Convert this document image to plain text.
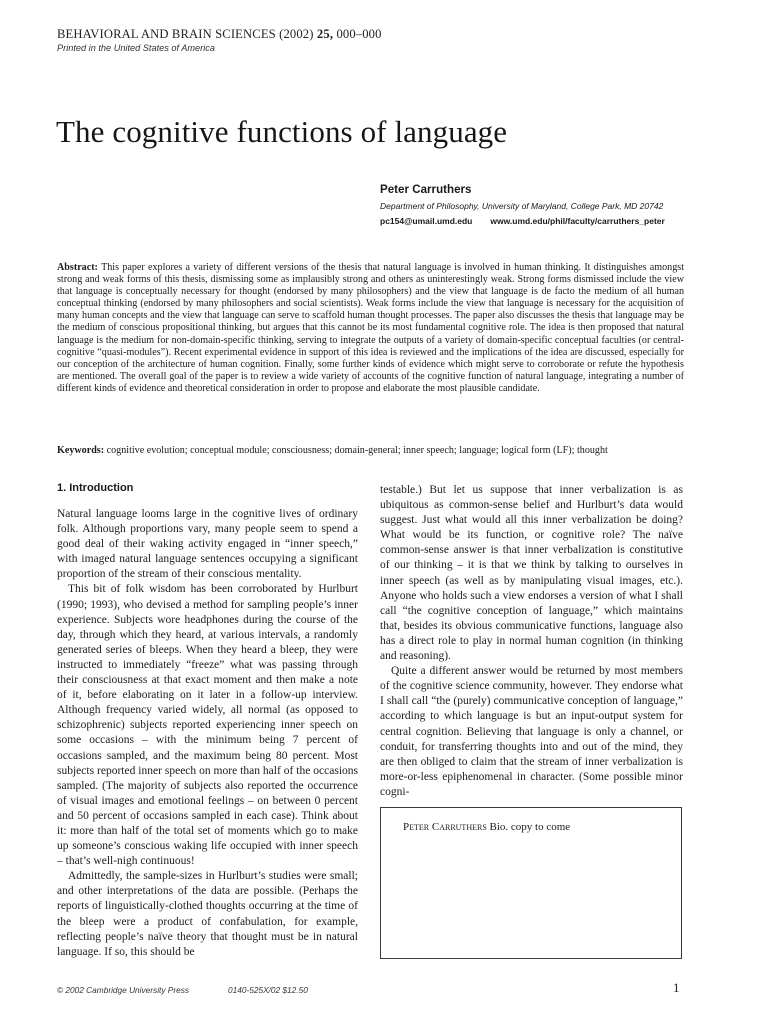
BEHAVIORAL AND BRAIN SCIENCES (2002) 25, 000–000
Printed in the United States of America
The cognitive functions of language

Peter Carruthers

Department of Philosophy, University of Maryland, College Park, MD 20742

pc154@umail.umd.edu www.umd.edu/phil/faculty/carruthers_peter

Abstract: This paper explores a variety of different versions of the thesis that natural language is involved in human thinking. It distinguishes amongst strong and weak forms of this thesis, dismissing some as implausibly strong and others as uninterestingly weak. Strong forms dismissed include the view that language is conceptually necessary for thought (endorsed by many philosophers) and the view that language is de facto the medium of all human conceptual thinking (endorsed by many philosophers and social scientists). Weak forms include the view that language is necessary for the acquisition of many human concepts and the view that language can serve to scaffold human thought processes. The paper also discusses the thesis that language may be the medium of conscious propositional thinking, but argues that this cannot be its most fundamental cognitive role. The idea is then proposed that natural language is the medium for non-domain-specific thinking, serving to integrate the outputs of a variety of domain-specific conceptual faculties (or central-cognitive “quasi-modules”). Recent experimental evidence in support of this idea is reviewed and the implications of the idea are discussed, especially for our conception of the architecture of human cognition. Finally, some further kinds of evidence which might serve to corroborate or refute the hypothesis are mentioned. The overall goal of the paper is to review a wide variety of accounts of the cognitive function of natural language, integrating a number of different kinds of evidence and theoretical consideration in order to propose and elaborate the most plausible candidate.

Keywords: cognitive evolution; conceptual module; consciousness; domain-general; inner speech; language; logical form (LF); thought

1. Introduction

Natural language looms large in the cognitive lives of ordinary folk. Although proportions vary, many people seem to spend a good deal of their waking activity engaged in “inner speech,” with imaged natural language sentences occupying a significant proportion of the stream of their conscious mentality.

This bit of folk wisdom has been corroborated by Hurlburt (1990; 1993), who devised a method for sampling people’s inner experience. Subjects wore headphones during the course of the day, through which they heard, at various intervals, a randomly generated series of bleeps. When they heard a bleep, they were instructed to immediately “freeze” what was passing through their consciousness at that exact moment and then make a note of it, before elaborating on it later in a follow-up interview. Although frequency varied widely, all normal (as opposed to schizophrenic) subjects reported experiencing inner speech on some occasions – with the minimum being 7 percent of occasions sampled, and the maximum being 80 percent. Most subjects reported inner speech on more than half of the occasions sampled. (The majority of subjects also reported the occurrence of visual images and emotional feelings – on between 0 percent and 50 percent of occasions sampled in each case). Think about it: more than half of the total set of moments which go to make up someone’s conscious waking life occupied with inner speech – that’s well-nigh continuous!

Admittedly, the sample-sizes in Hurlburt’s studies were small; and other interpretations of the data are possible. (Perhaps the reports of linguistically-clothed thoughts occurring at the time of the bleep were a product of confabulation, for example, reflecting people’s naïve theory that thought must be in natural language. If so, this should be

testable.) But let us suppose that inner verbalization is as ubiquitous as common-sense belief and Hurlburt’s data would suggest. Just what would all this inner verbalization be doing? What would be its function, or cognitive role? The naïve common-sense answer is that inner verbalization is constitutive of our thinking – it is that we think by talking to ourselves in inner speech (as well as by manipulating visual images, etc.). Anyone who holds such a view endorses a version of what I shall call “the cognitive conception of language,” which maintains that, besides its obvious communicative functions, language also has a direct role to play in normal human cognition (in thinking and reasoning).

Quite a different answer would be returned by most members of the cognitive science community, however. They endorse what I shall call “the (purely) communicative conception of language,” according to which language is but an input-output system for central cognition. Believing that language is only a channel, or conduit, for transferring thoughts into and out of the mind, they are then obliged to claim that the stream of inner verbalization is more-or-less epiphenomenal in character. (Some possible minor cogni-

Peter Carruthers Bio. copy to come
© 2002 Cambridge University Press	0140-525X/02 $12.50	1
